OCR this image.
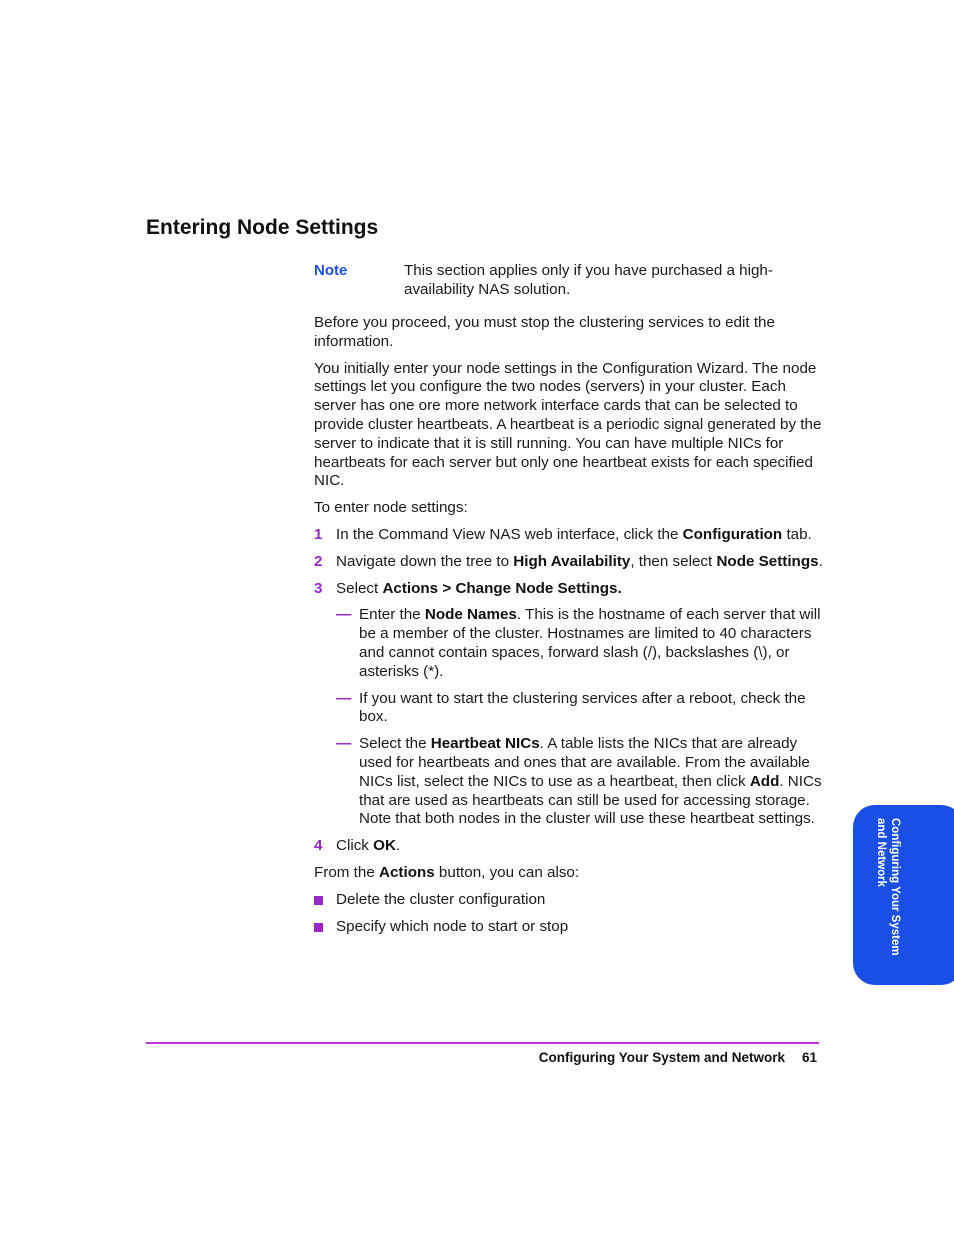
Entering Node Settings
Note	This section applies only if you have purchased a high-availability NAS solution.

Before you proceed, you must stop the clustering services to edit the information.

You initially enter your node settings in the Configuration Wizard. The node settings let you configure the two nodes (servers) in your cluster. Each server has one ore more network interface cards that can be selected to provide cluster heartbeats. A heartbeat is a periodic signal generated by the server to indicate that it is still running. You can have multiple NICs for heartbeats for each server but only one heartbeat exists for each specified NIC.

To enter node settings:

1 In the Command View NAS web interface, click the Configuration tab.
2 Navigate down the tree to High Availability, then select Node Settings.
3 Select Actions > Change Node Settings.
— Enter the Node Names. This is the hostname of each server that will be a member of the cluster. Hostnames are limited to 40 characters and cannot contain spaces, forward slash (/), backslashes (\), or asterisks (*).
— If you want to start the clustering services after a reboot, check the box.
— Select the Heartbeat NICs. A table lists the NICs that are already used for heartbeats and ones that are available. From the available NICs list, select the NICs to use as a heartbeat, then click Add. NICs that are used as heartbeats can still be used for accessing storage. Note that both nodes in the cluster will use these heartbeat settings.
4 Click OK.

From the Actions button, you can also:

Delete the cluster configuration
Specify which node to start or stop	Configuring Your System and Network
Configuring Your System and Network 61
